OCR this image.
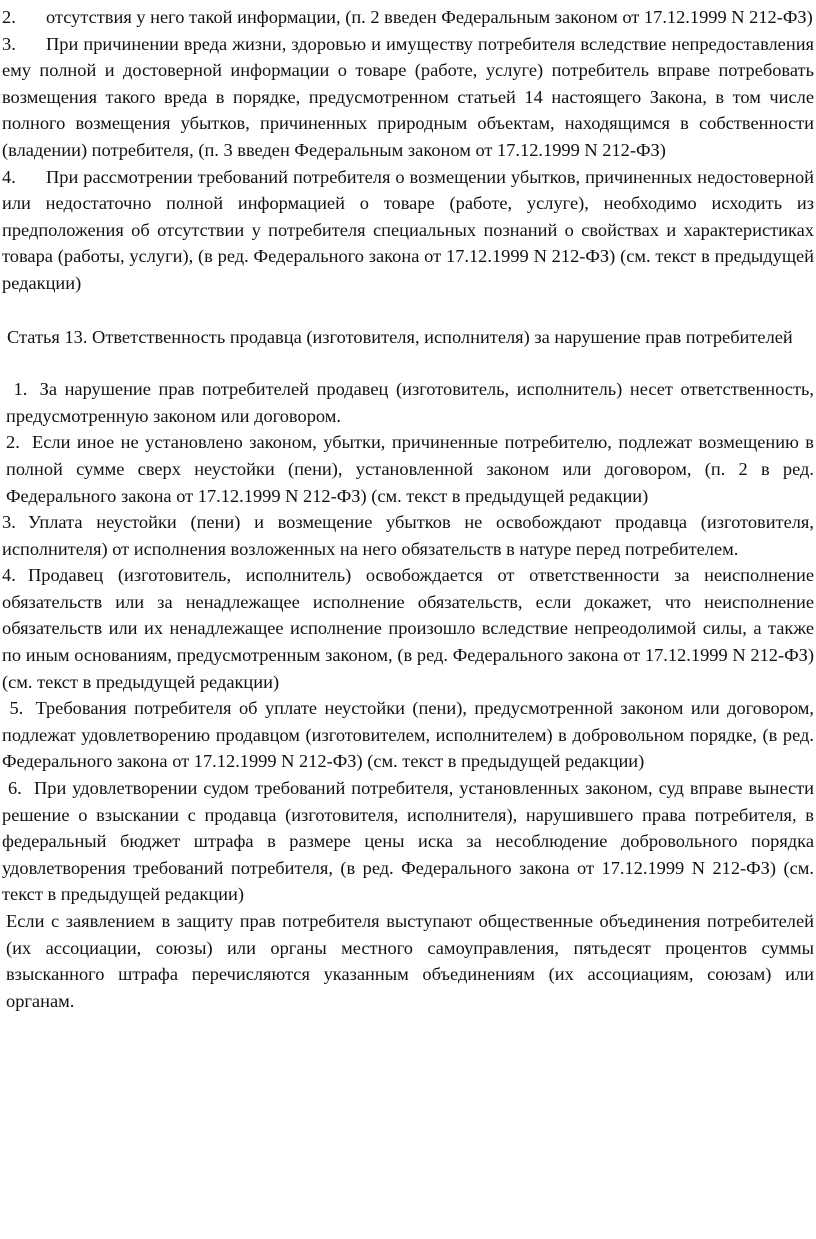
2. отсутствия у него такой информации, (п. 2 введен Федеральным законом от 17.12.1999 N 212-ФЗ)

3. При причинении вреда жизни, здоровью и имуществу потребителя вследствие непредоставления ему полной и достоверной информации о товаре (работе, услуге) потребитель вправе потребовать возмещения такого вреда в порядке, предусмотренном статьей 14 настоящего Закона, в том числе полного возмещения убытков, причиненных природным объектам, находящимся в собственности (владении) потребителя, (п. 3 введен Федеральным законом от 17.12.1999 N 212-ФЗ)

4. При рассмотрении требований потребителя о возмещении убытков, причиненных недостоверной или недостаточно полной информацией о товаре (работе, услуге), необходимо исходить из предположения об отсутствии у потребителя специальных познаний о свойствах и характеристиках товара (работы, услуги), (в ред. Федерального закона от 17.12.1999 N 212-ФЗ) (см. текст в предыдущей редакции)

Статья 13. Ответственность продавца (изготовителя, исполнителя) за нарушение прав потребителей

1. За нарушение прав потребителей продавец (изготовитель, исполнитель) несет ответственность, предусмотренную законом или договором.

2. Если иное не установлено законом, убытки, причиненные потребителю, подлежат возмещению в полной сумме сверх неустойки (пени), установленной законом или договором, (п. 2 в ред. Федерального закона от 17.12.1999 N 212-ФЗ) (см. текст в предыдущей редакции)

3. Уплата неустойки (пени) и возмещение убытков не освобождают продавца (изготовителя, исполнителя) от исполнения возложенных на него обязательств в натуре перед потребителем.

4. Продавец (изготовитель, исполнитель) освобождается от ответственности за неисполнение обязательств или за ненадлежащее исполнение обязательств, если докажет, что неисполнение обязательств или их ненадлежащее исполнение произошло вследствие непреодолимой силы, а также по иным основаниям, предусмотренным законом, (в ред. Федерального закона от 17.12.1999 N 212-ФЗ) (см. текст в предыдущей редакции)

5. Требования потребителя об уплате неустойки (пени), предусмотренной законом или договором, подлежат удовлетворению продавцом (изготовителем, исполнителем) в добровольном порядке, (в ред. Федерального закона от 17.12.1999 N 212-ФЗ) (см. текст в предыдущей редакции)

6. При удовлетворении судом требований потребителя, установленных законом, суд вправе вынести решение о взыскании с продавца (изготовителя, исполнителя), нарушившего права потребителя, в федеральный бюджет штрафа в размере цены иска за несоблюдение добровольного порядка удовлетворения требований потребителя, (в ред. Федерального закона от 17.12.1999 N 212-ФЗ) (см. текст в предыдущей редакции)

Если с заявлением в защиту прав потребителя выступают общественные объединения потребителей (их ассоциации, союзы) или органы местного самоуправления, пятьдесят процентов суммы взысканного штрафа перечисляются указанным объединениям (их ассоциациям, союзам) или органам.
